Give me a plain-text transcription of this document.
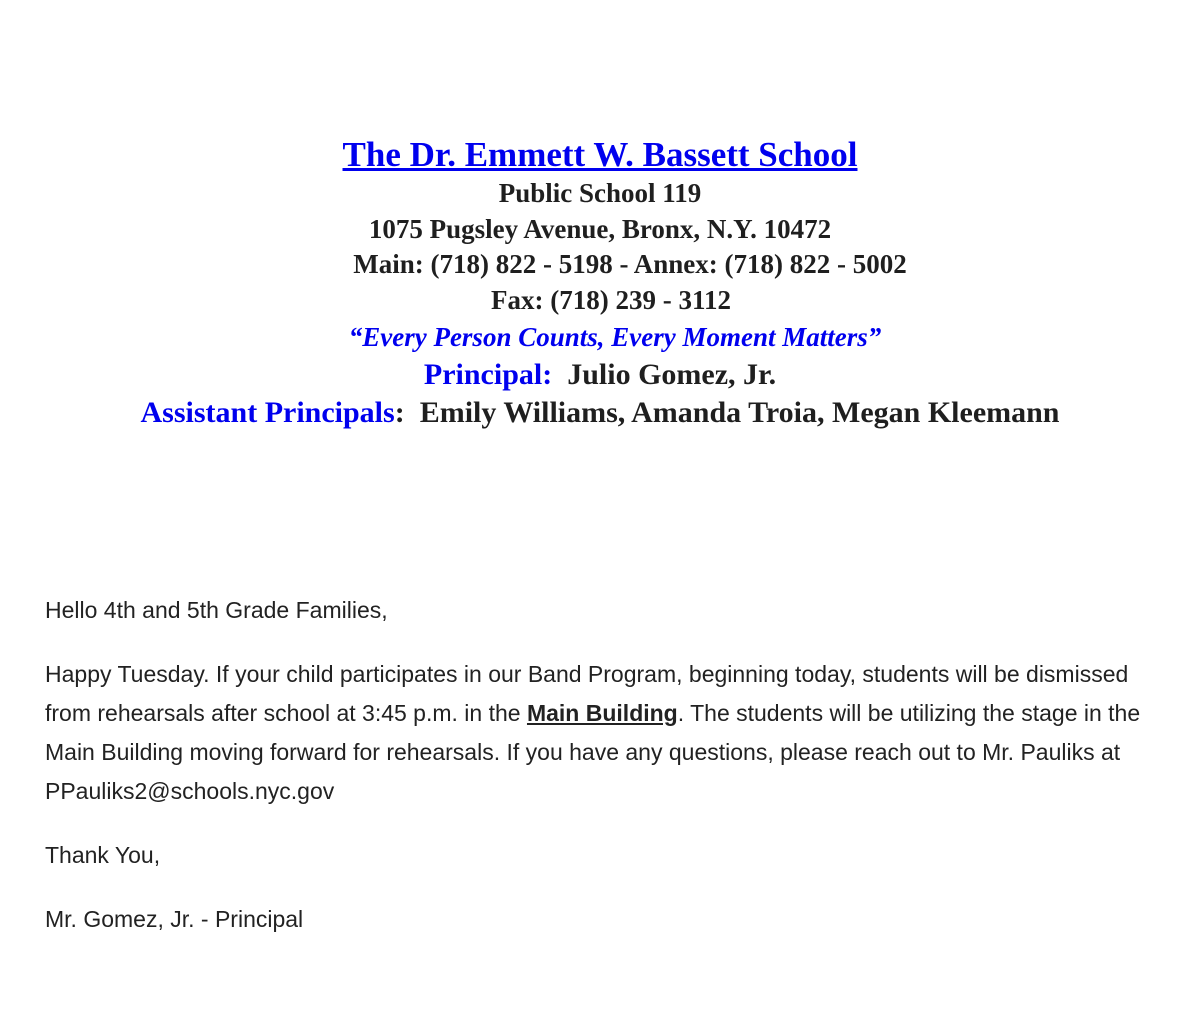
The Dr. Emmett W. Bassett School
Public School 119
1075 Pugsley Avenue, Bronx, N.Y. 10472
Main: (718) 822 - 5198 - Annex: (718) 822 - 5002
Fax: (718) 239 - 3112
“Every Person Counts, Every Moment Matters”
Principal: Julio Gomez, Jr.
Assistant Principals: Emily Williams, Amanda Troia, Megan Kleemann

Hello 4th and 5th Grade Families,

Happy Tuesday. If your child participates in our Band Program, beginning today, students will be dismissed from rehearsals after school at 3:45 p.m. in the Main Building. The students will be utilizing the stage in the Main Building moving forward for rehearsals. If you have any questions, please reach out to Mr. Pauliks at PPauliks2@schools.nyc.gov

Thank You,

Mr. Gomez, Jr. - Principal
